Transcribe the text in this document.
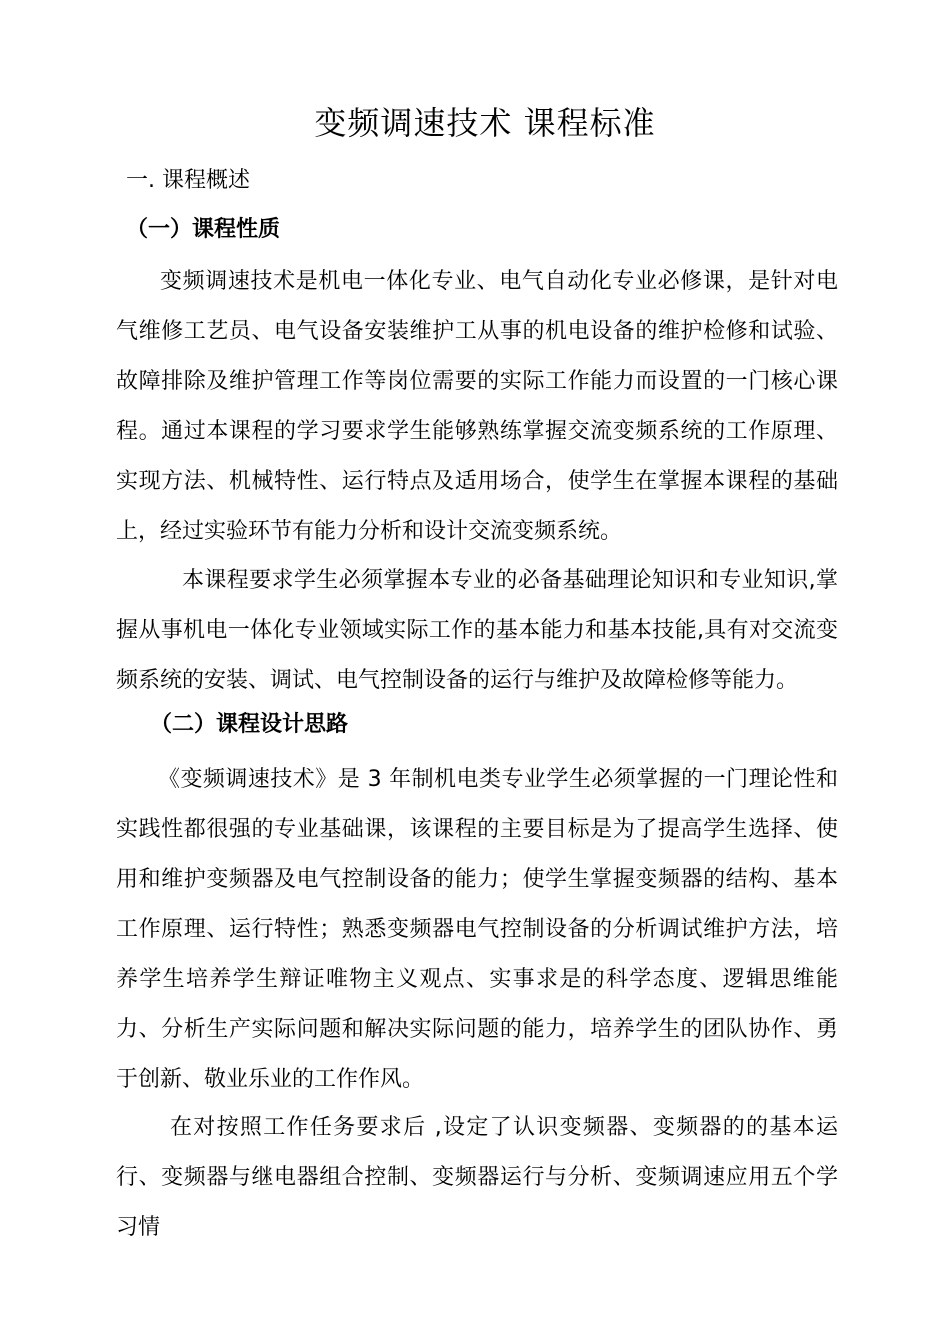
变频调速技术 课程标准
一. 课程概述
（一）课程性质

变频调速技术是机电一体化专业、电气自动化专业必修课，是针对电气维修工艺员、电气设备安装维护工从事的机电设备的维护检修和试验、故障排除及维护管理工作等岗位需要的实际工作能力而设置的一门核心课程。通过本课程的学习要求学生能够熟练掌握交流变频系统的工作原理、实现方法、机械特性、运行特点及适用场合，使学生在掌握本课程的基础上，经过实验环节有能力分析和设计交流变频系统。

本课程要求学生必须掌握本专业的必备基础理论知识和专业知识,掌握从事机电一体化专业领域实际工作的基本能力和基本技能,具有对交流变频系统的安装、调试、电气控制设备的运行与维护及故障检修等能力。

（二）课程设计思路

《变频调速技术》是 3 年制机电类专业学生必须掌握的一门理论性和实践性都很强的专业基础课，该课程的主要目标是为了提高学生选择、使用和维护变频器及电气控制设备的能力；使学生掌握变频器的结构、基本工作原理、运行特性；熟悉变频器电气控制设备的分析调试维护方法，培养学生培养学生辩证唯物主义观点、实事求是的科学态度、逻辑思维能力、分析生产实际问题和解决实际问题的能力，培养学生的团队协作、勇于创新、敬业乐业的工作作风。

在对按照工作任务要求后 ,设定了认识变频器、变频器的的基本运行、变频器与继电器组合控制、变频器运行与分析、变频调速应用五个学习情
